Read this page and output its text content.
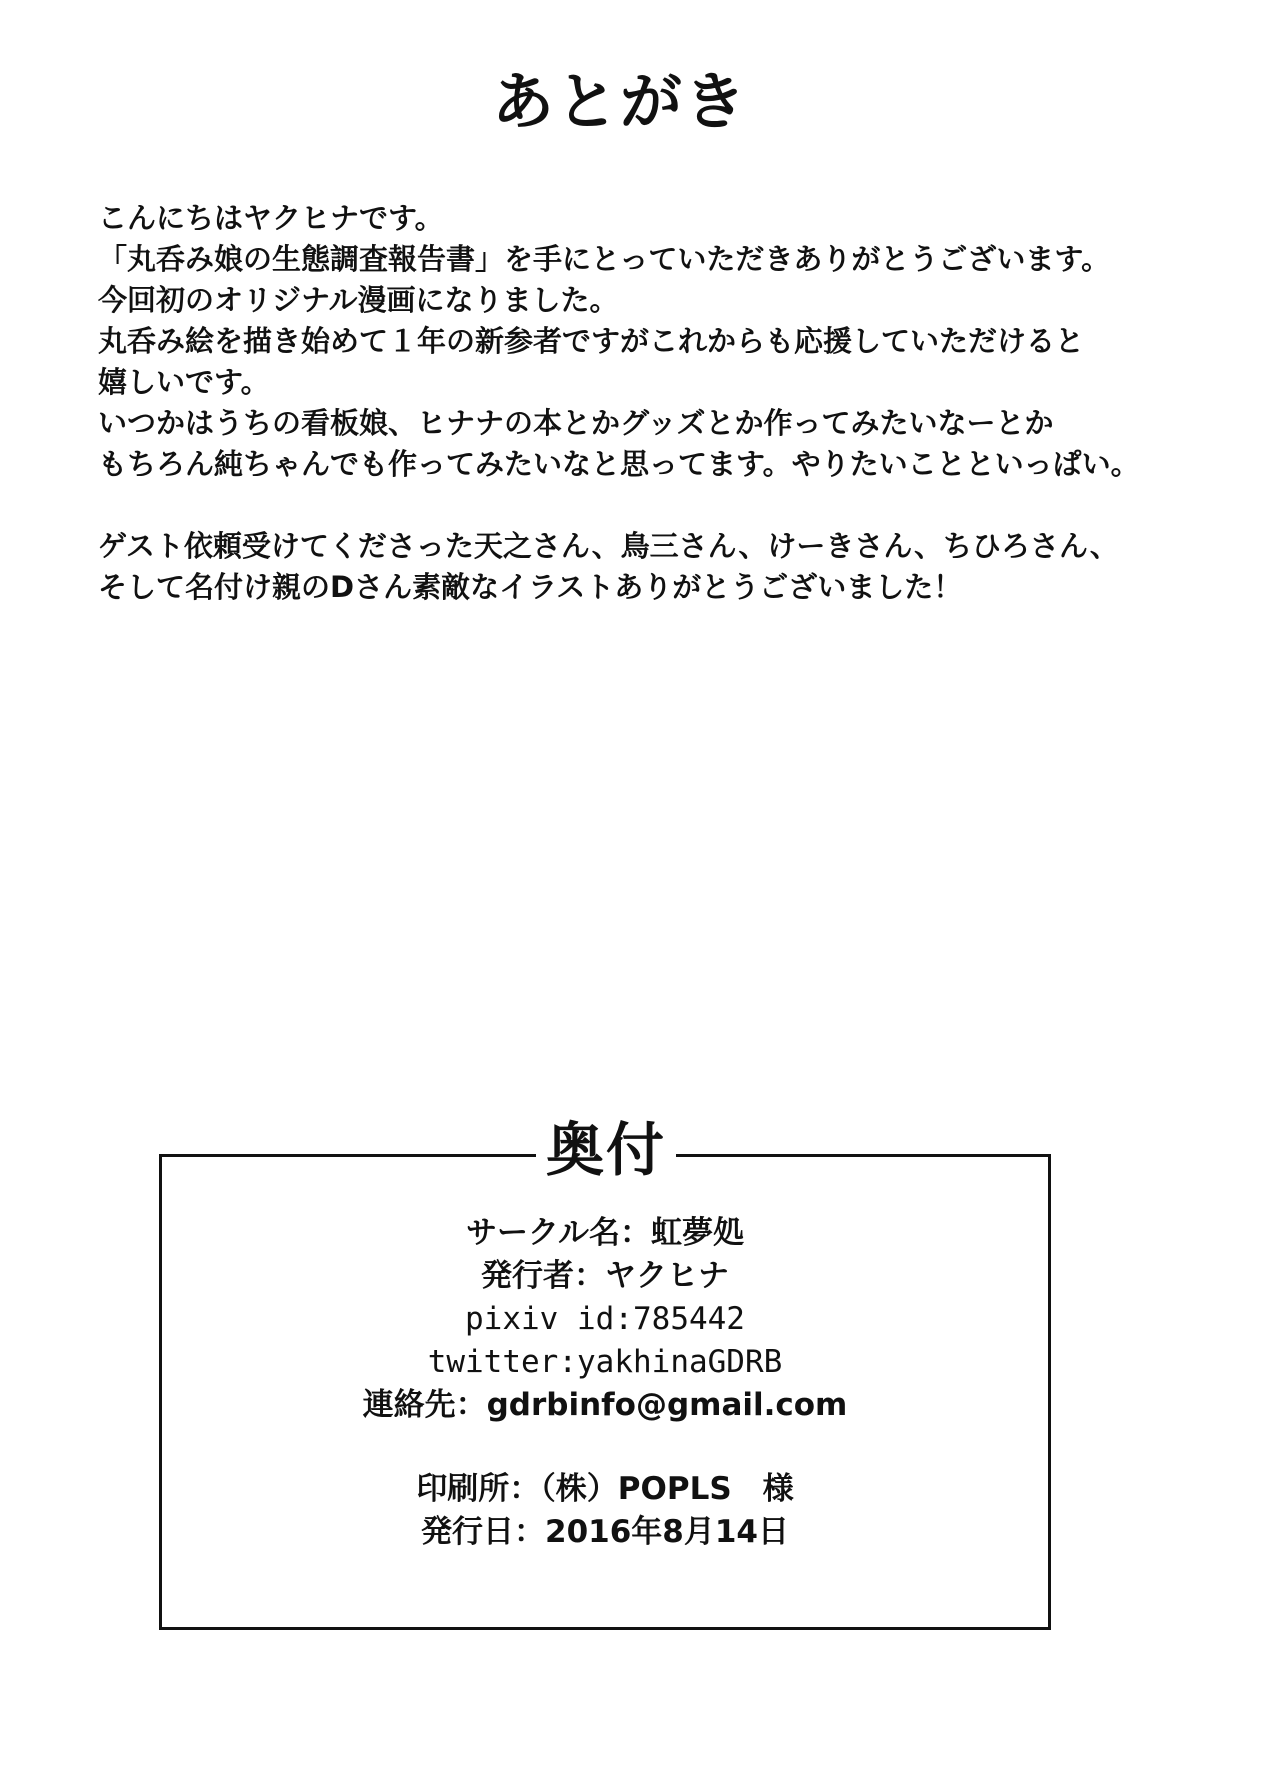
あとがき
こんにちはヤクヒナです。
「丸呑み娘の生態調査報告書」を手にとっていただきありがとうございます。
今回初のオリジナル漫画になりました。
丸呑み絵を描き始めて１年の新参者ですがこれからも応援していただけると
嬉しいです。
いつかはうちの看板娘、ヒナナの本とかグッズとか作ってみたいなーとか
もちろん純ちゃんでも作ってみたいなと思ってます。やりたいことといっぱい。
ゲスト依頼受けてくださった天之さん、鳥三さん、けーきさん、ちひろさん、
そして名付け親のDさん素敵なイラストありがとうございました！
奥付
サークル名：虹夢処
発行者：ヤクヒナ
pixiv id:785442
twitter:yakhinaGDRB
連絡先：gdrbinfo@gmail.com
印刷所：（株）POPLS　様
発行日：2016年8月14日
